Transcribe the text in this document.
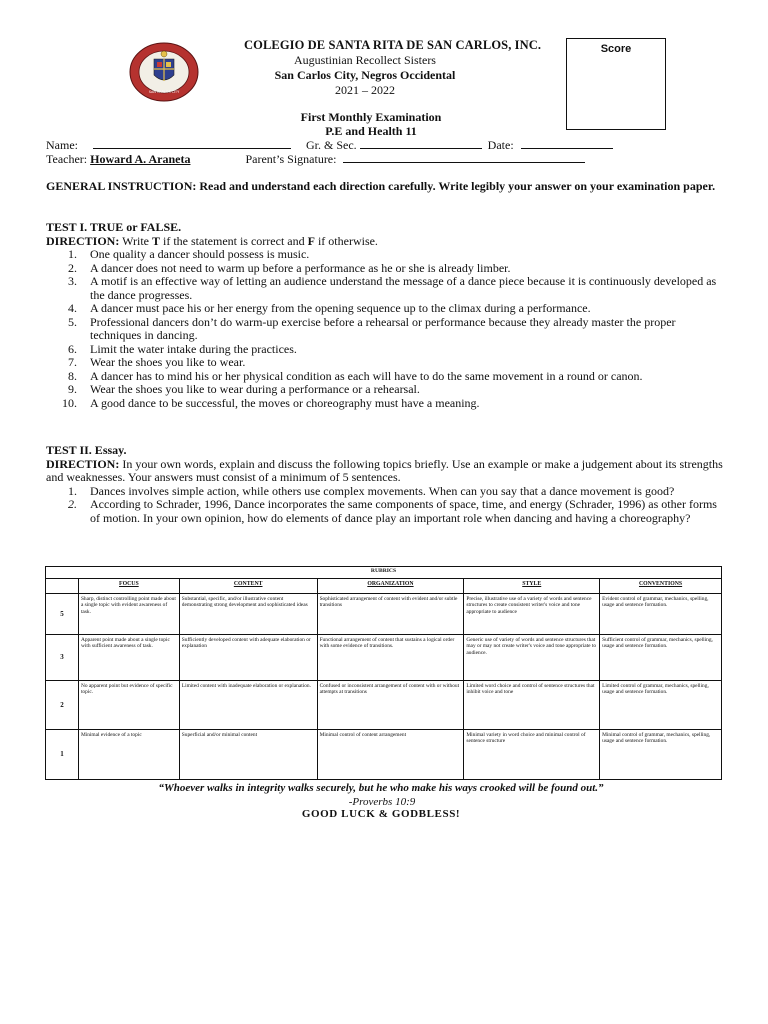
SAN CARLOS CITY
COLEGIO DE SANTA RITA DE SAN CARLOS, INC.
Augustinian Recollect Sisters
San Carlos City, Negros Occidental
2021 – 2022
First Monthly Examination
P.E and Health 11
Score
Name:	Gr. & Sec.	Date:
Teacher: Howard A. Araneta	Parent’s Signature:
GENERAL INSTRUCTION: Read and understand each direction carefully. Write legibly your answer on your examination paper.
TEST I. TRUE or FALSE.
DIRECTION: Write T if the statement is correct and F if otherwise.
1. One quality a dancer should possess is music.
2. A dancer does not need to warm up before a performance as he or she is already limber.
3. A motif is an effective way of letting an audience understand the message of a dance piece because it is continuously developed as the dance progresses.
4. A dancer must pace his or her energy from the opening sequence up to the climax during a performance.
5. Professional dancers don’t do warm-up exercise before a rehearsal or performance because they already master the proper techniques in dancing.
6. Limit the water intake during the practices.
7. Wear the shoes you like to wear.
8. A dancer has to mind his or her physical condition as each will have to do the same movement in a round or canon.
9. Wear the shoes you like to wear during a performance or a rehearsal.
10. A good dance to be successful, the moves or choreography must have a meaning.
TEST II. Essay.
DIRECTION: In your own words, explain and discuss the following topics briefly. Use an example or make a judgement about its strengths and weaknesses. Your answers must consist of a minimum of 5 sentences.
1. Dances involves simple action, while others use complex movements. When can you say that a dance movement is good?
2. According to Schrader, 1996, Dance incorporates the same components of space, time, and energy (Schrader, 1996) as other forms of motion. In your own opinion, how do elements of dance play an important role when dancing and having a choreography?
RUBRICS					
	FOCUS	CONTENT	ORGANIZATION	STYLE	CONVENTIONS
5	Sharp, distinct controlling point made about a single topic with evident awareness of task.	Substantial, specific, and/or illustrative content demonstrating strong development and sophisticated ideas	Sophisticated arrangement of content with evident and/or subtle transitions	Precise, illustrative use of a variety of words and sentence structures to create consistent writer's voice and tone appropriate to audience	Evident control of grammar, mechanics, spelling, usage and sentence formation.
3	Apparent point made about a single topic with sufficient awareness of task.	Sufficiently developed content with adequate elaboration or explanation	Functional arrangement of content that sustains a logical order with some evidence of transitions.	Generic use of variety of words and sentence structures that may or may not create writer's voice and tone appropriate to audience.	Sufficient control of grammar, mechanics, spelling, usage and sentence formation.
2	No apparent point but evidence of specific topic.	Limited content with inadequate elaboration or explanation.	Confused or inconsistent arrangement of content with or without attempts at transitions	Limited word choice and control of sentence structures that inhibit voice and tone	Limited control of grammar, mechanics, spelling, usage and sentence formation.
1	Minimal evidence of a topic	Superficial and/or minimal content	Minimal control of content arrangement	Minimal variety in word choice and minimal control of sentence structure	Minimal control of grammar, mechanics, spelling, usage and sentence formation.
“Whoever walks in integrity walks securely, but he who make his ways crooked will be found out.”
-Proverbs 10:9
GOOD LUCK & GODBLESS!
